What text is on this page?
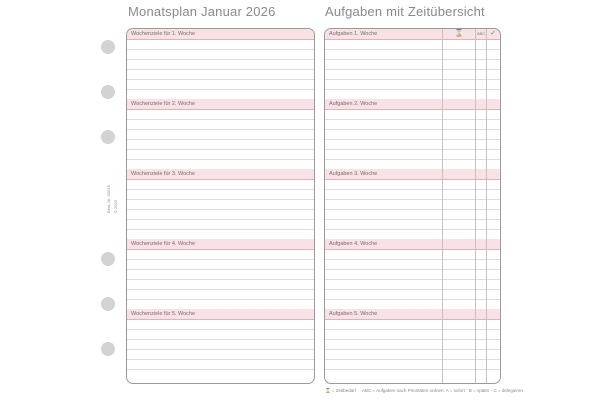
Monatsplan Januar 2026	Aufgaben mit Zeitübersicht
Best.-Nr. 91016 © 2025
Wochenziele für 1. Woche
Wochenziele für 2. Woche
Wochenziele für 3. Woche
Wochenziele für 4. Woche
Wochenziele für 5. Woche
Aufgaben 1. Woche
Aufgaben 2. Woche
Aufgaben 3. Woche
Aufgaben 4. Woche
Aufgaben 5. Woche
⌛	ABC ✓
⌛ = Zeitbedarf ABC = Aufgaben nach Prioritäten ordnen: A = sofort · B = später · C = delegieren
